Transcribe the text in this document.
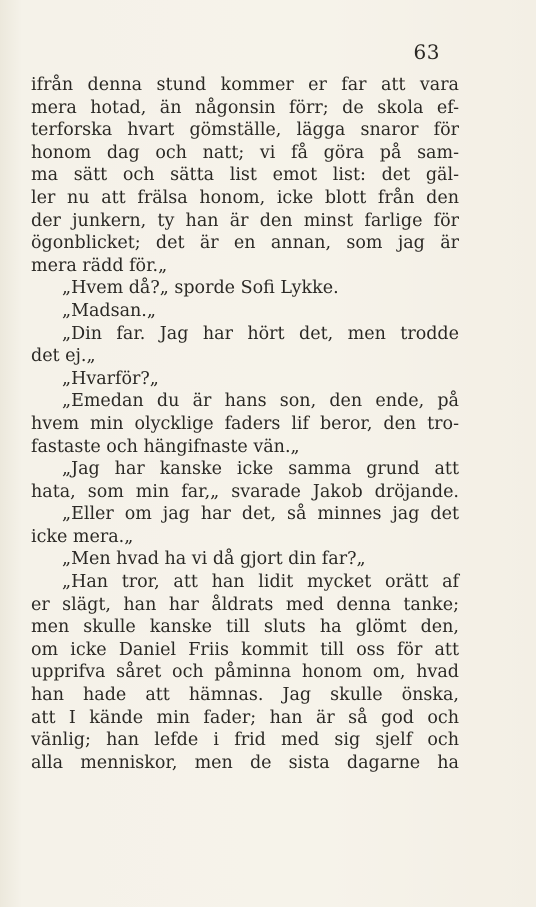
63
ifrån denna stund kommer er far att vara
mera hotad, än någonsin förr; de skola ef-
terforska hvart gömställe, lägga snaror för
honom dag och natt; vi få göra på sam-
ma sätt och sätta list emot list: det gäl-
ler nu att frälsa honom, icke blott från den
der junkern, ty han är den minst farlige för
ögonblicket; det är en annan, som jag är
mera rädd för.„
„Hvem då?„ sporde Sofi Lykke.
„Madsan.„
„Din far. Jag har hört det, men trodde
det ej.„
„Hvarför?„
„Emedan du är hans son, den ende, på
hvem min olycklige faders lif beror, den tro-
fastaste och hängifnaste vän.„
„Jag har kanske icke samma grund att
hata, som min far,„ svarade Jakob dröjande.
„Eller om jag har det, så minnes jag det
icke mera.„
„Men hvad ha vi då gjort din far?„
„Han tror, att han lidit mycket orätt af
er slägt, han har åldrats med denna tanke;
men skulle kanske till sluts ha glömt den,
om icke Daniel Friis kommit till oss för att
upprifva såret och påminna honom om, hvad
han hade att hämnas. Jag skulle önska,
att I kände min fader; han är så god och
vänlig; han lefde i frid med sig sjelf och
alla menniskor, men de sista dagarne ha
